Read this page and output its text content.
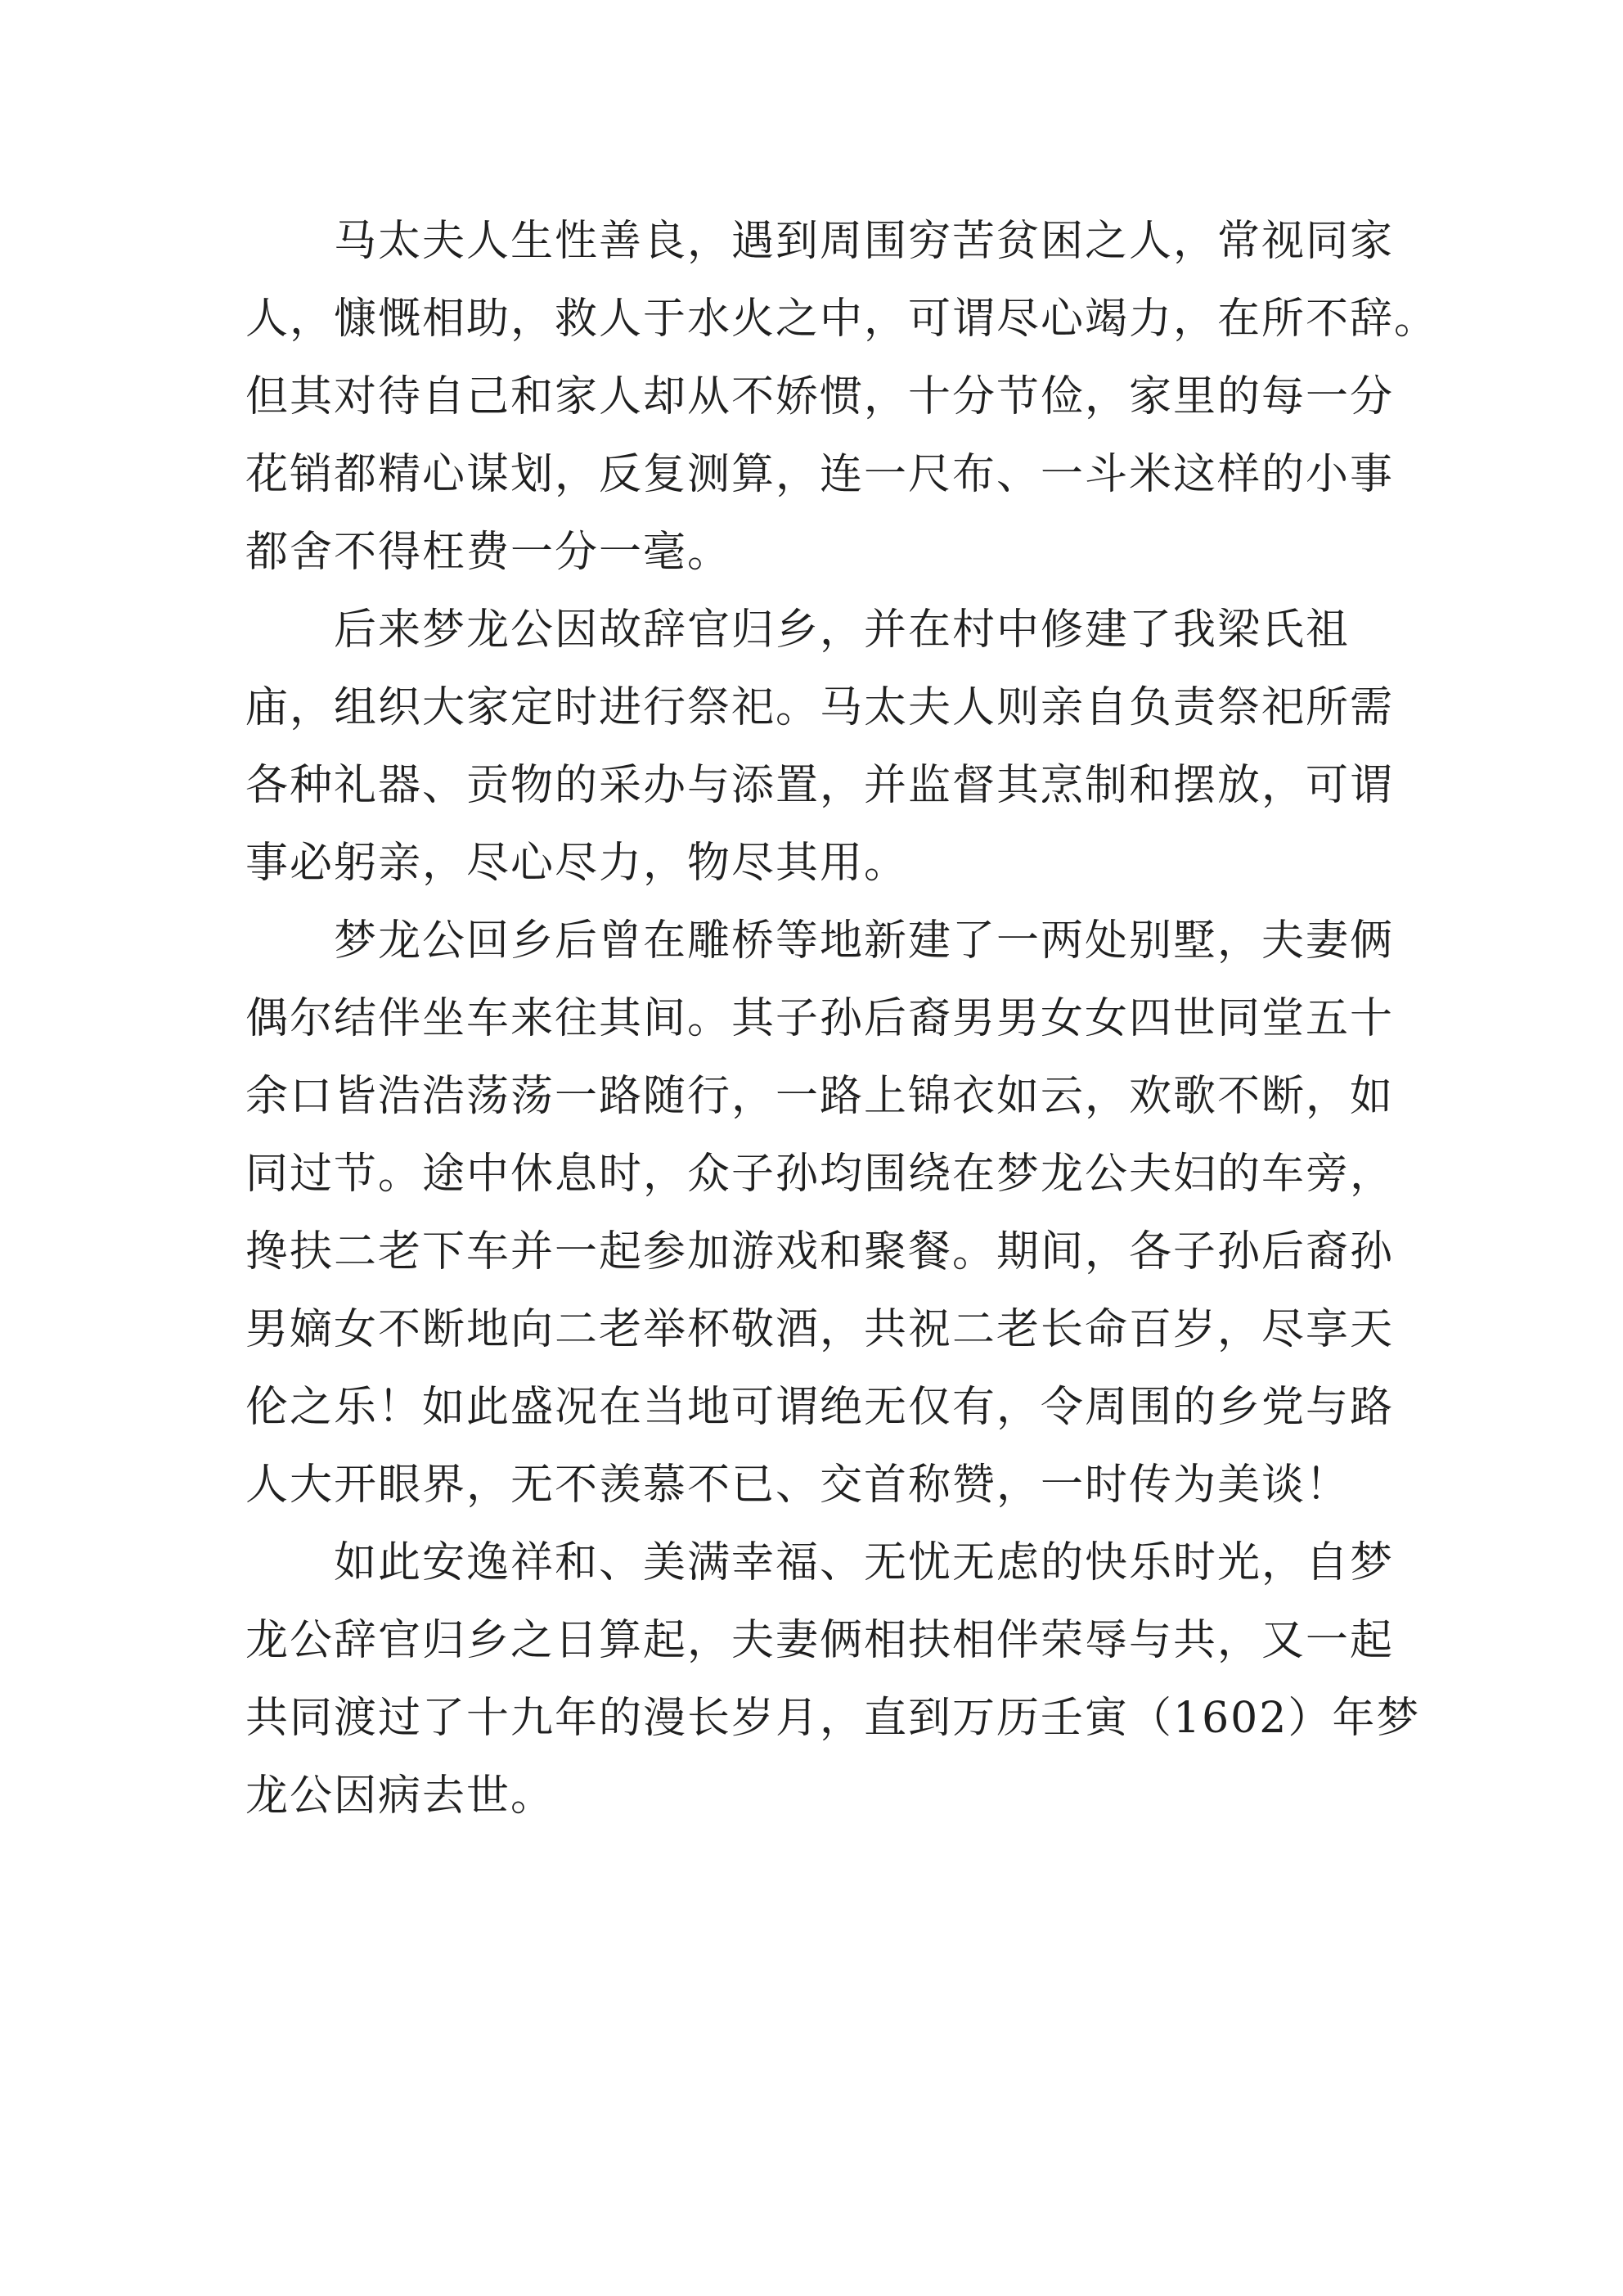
马太夫人生性善良，遇到周围穷苦贫困之人，常视同家
人，慷慨相助，救人于水火之中，可谓尽心竭力，在所不辞。
但其对待自己和家人却从不娇惯，十分节俭，家里的每一分
花销都精心谋划，反复测算，连一尺布、一斗米这样的小事
都舍不得枉费一分一毫。
后来梦龙公因故辞官归乡，并在村中修建了我梁氏祖
庙，组织大家定时进行祭祀。马太夫人则亲自负责祭祀所需
各种礼器、贡物的采办与添置，并监督其烹制和摆放，可谓
事必躬亲，尽心尽力，物尽其用。
梦龙公回乡后曾在雕桥等地新建了一两处别墅，夫妻俩
偶尔结伴坐车来往其间。其子孙后裔男男女女四世同堂五十
余口皆浩浩荡荡一路随行，一路上锦衣如云，欢歌不断，如
同过节。途中休息时，众子孙均围绕在梦龙公夫妇的车旁，
搀扶二老下车并一起参加游戏和聚餐。期间，各子孙后裔孙
男嫡女不断地向二老举杯敬酒，共祝二老长命百岁，尽享天
伦之乐！如此盛况在当地可谓绝无仅有，令周围的乡党与路
人大开眼界，无不羡慕不已、交首称赞，一时传为美谈！
如此安逸祥和、美满幸福、无忧无虑的快乐时光，自梦
龙公辞官归乡之日算起，夫妻俩相扶相伴荣辱与共，又一起
共同渡过了十九年的漫长岁月，直到万历壬寅（1602）年梦
龙公因病去世。
